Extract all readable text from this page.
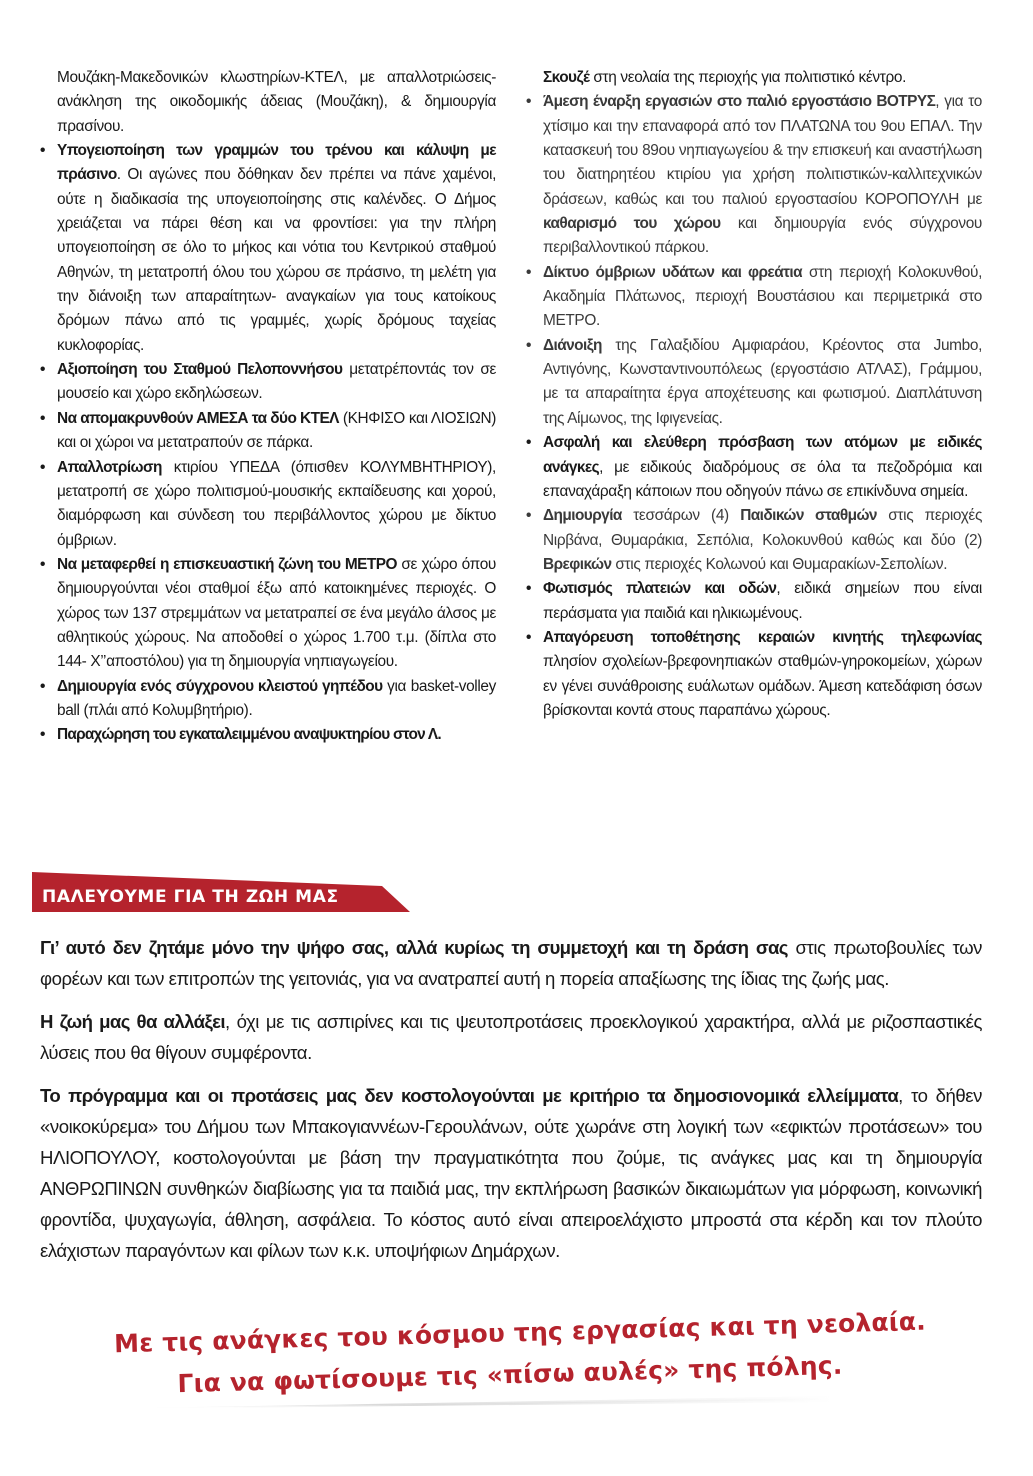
Μουζάκη-Μακεδονικών κλωστηρίων-ΚΤΕΛ, με απαλλοτριώσεις-ανάκληση της οικοδομικής άδειας (Μουζάκη), & δημιουργία πρασίνου.

• Υπογειοποίηση των γραμμών του τρένου και κάλυψη με πράσινο. Οι αγώνες που δόθηκαν δεν πρέπει να πάνε χαμένοι, ούτε η διαδικασία της υπογειοποίησης στις καλένδες. Ο Δήμος χρειάζεται να πάρει θέση και να φροντίσει: για την πλήρη υπογειοποίηση σε όλο το μήκος και νότια του Κεντρικού σταθμού Αθηνών, τη μετατροπή όλου του χώρου σε πράσινο, τη μελέτη για την διάνοιξη των απαραίτητων- αναγκαίων για τους κατοίκους δρόμων πάνω από τις γραμμές, χωρίς δρόμους ταχείας κυκλοφορίας.
• Αξιοποίηση του Σταθμού Πελοποννήσου μετατρέποντάς τον σε μουσείο και χώρο εκδηλώσεων.
• Να απομακρυνθούν ΑΜΕΣΑ τα δύο ΚΤΕΛ (ΚΗΦΙΣΟ και ΛΙΟΣΙΩΝ) και οι χώροι να μετατραπούν σε πάρκα.
• Απαλλοτρίωση κτιρίου ΥΠΕΔΑ (όπισθεν ΚΟΛΥΜΒΗΤΗΡΙΟΥ), μετατροπή σε χώρο πολιτισμού-μουσικής εκπαίδευσης και χορού, διαμόρφωση και σύνδεση του περιβάλλοντος χώρου με δίκτυο όμβριων.
• Να μεταφερθεί η επισκευαστική ζώνη του ΜΕΤΡΟ σε χώρο όπου δημιουργούνται νέοι σταθμοί έξω από κατοικημένες περιοχές. Ο χώρος των 137 στρεμμάτων να μετατραπεί σε ένα μεγάλο άλσος με αθλητικούς χώρους. Να αποδοθεί ο χώρος 1.700 τ.μ. (δίπλα στο 144- Χ’’αποστόλου) για τη δημιουργία νηπιαγωγείου.
• Δημιουργία ενός σύγχρονου κλειστού γηπέδου για basket-volley ball (πλάι από Κολυμβητήριο).
• Παραχώρηση του εγκαταλειμμένου αναψυκτηρίου στον Λ.

Σκουζέ στη νεολαία της περιοχής για πολιτιστικό κέντρο.

• Άμεση έναρξη εργασιών στο παλιό εργοστάσιο ΒΟΤΡΥΣ, για το χτίσιμο και την επαναφορά από τον ΠΛΑΤΩΝΑ του 9ου ΕΠΑΛ. Την κατασκευή του 89ου νηπιαγωγείου & την επισκευή και αναστήλωση του διατηρητέου κτιρίου για χρήση πολιτιστικών-καλλιτεχνικών δράσεων, καθώς και του παλιού εργοστασίου ΚΟΡΟΠΟΥΛΗ με καθαρισμό του χώρου και δημιουργία ενός σύγχρονου περιβαλλοντικού πάρκου.
• Δίκτυο όμβριων υδάτων και φρεάτια στη περιοχή Κολοκυνθού, Ακαδημία Πλάτωνος, περιοχή Βουστάσιου και περιμετρικά στο ΜΕΤΡΟ.
• Διάνοιξη της Γαλαξιδίου Αμφιαράου, Κρέοντος στα Jumbo, Αντιγόνης, Κωνσταντινουπόλεως (εργοστάσιο ΑΤΛΑΣ), Γράμμου, με τα απαραίτητα έργα αποχέτευσης και φωτισμού. Διαπλάτυνση της Αίμωνος, της Ιφιγενείας.
• Ασφαλή και ελεύθερη πρόσβαση των ατόμων με ειδικές ανάγκες, με ειδικούς διαδρόμους σε όλα τα πεζοδρόμια και επαναχάραξη κάποιων που οδηγούν πάνω σε επικίνδυνα σημεία.
• Δημιουργία τεσσάρων (4) Παιδικών σταθμών στις περιοχές Νιρβάνα, Θυμαράκια, Σεπόλια, Κολοκυνθού καθώς και δύο (2) Βρεφικών στις περιοχές Κολωνού και Θυμαρακίων-Σεπολίων.
• Φωτισμός πλατειών και οδών, ειδικά σημείων που είναι περάσματα για παιδιά και ηλικιωμένους.
• Απαγόρευση τοποθέτησης κεραιών κινητής τηλεφωνίας πλησίον σχολείων-βρεφονηπιακών σταθμών-γηροκομείων, χώρων εν γένει συνάθροισης ευάλωτων ομάδων. Άμεση κατεδάφιση όσων βρίσκονται κοντά στους παραπάνω χώρους.
ΠΑΛΕΥΟΥΜΕ ΓΙΑ ΤΗ ΖΩΗ ΜΑΣ

Γι’ αυτό δεν ζητάμε μόνο την ψήφο σας, αλλά κυρίως τη συμμετοχή και τη δράση σας στις πρωτοβουλίες των φορέων και των επιτροπών της γειτονιάς, για να ανατραπεί αυτή η πορεία απαξίωσης της ίδιας της ζωής μας.

Η ζωή μας θα αλλάξει, όχι με τις ασπιρίνες και τις ψευτοπροτάσεις προεκλογικού χαρακτήρα, αλλά με ριζοσπαστικές λύσεις που θα θίγουν συμφέροντα.

Το πρόγραμμα και οι προτάσεις μας δεν κοστολογούνται με κριτήριο τα δημοσιονομικά ελλείμματα, το δήθεν «νοικοκύρεμα» του Δήμου των Μπακογιαννέων-Γερουλάνων, ούτε χωράνε στη λογική των «εφικτών προτάσεων» του ΗΛΙΟΠΟΥΛΟΥ, κοστολογούνται με βάση την πραγματικότητα που ζούμε, τις ανάγκες μας και τη δημιουργία ΑΝΘΡΩΠΙΝΩΝ συνθηκών διαβίωσης για τα παιδιά μας, την εκπλήρωση βασικών δικαιωμάτων για μόρφωση, κοινωνική φροντίδα, ψυχαγωγία, άθληση, ασφάλεια. Το κόστος αυτό είναι απειροελάχιστο μπροστά στα κέρδη και τον πλούτο ελάχιστων παραγόντων και φίλων των κ.κ. υποψήφιων Δημάρχων.

Με τις ανάγκες του κόσμου της εργασίας και τη νεολαία.
Για να φωτίσουμε τις «πίσω αυλές» της πόλης.
